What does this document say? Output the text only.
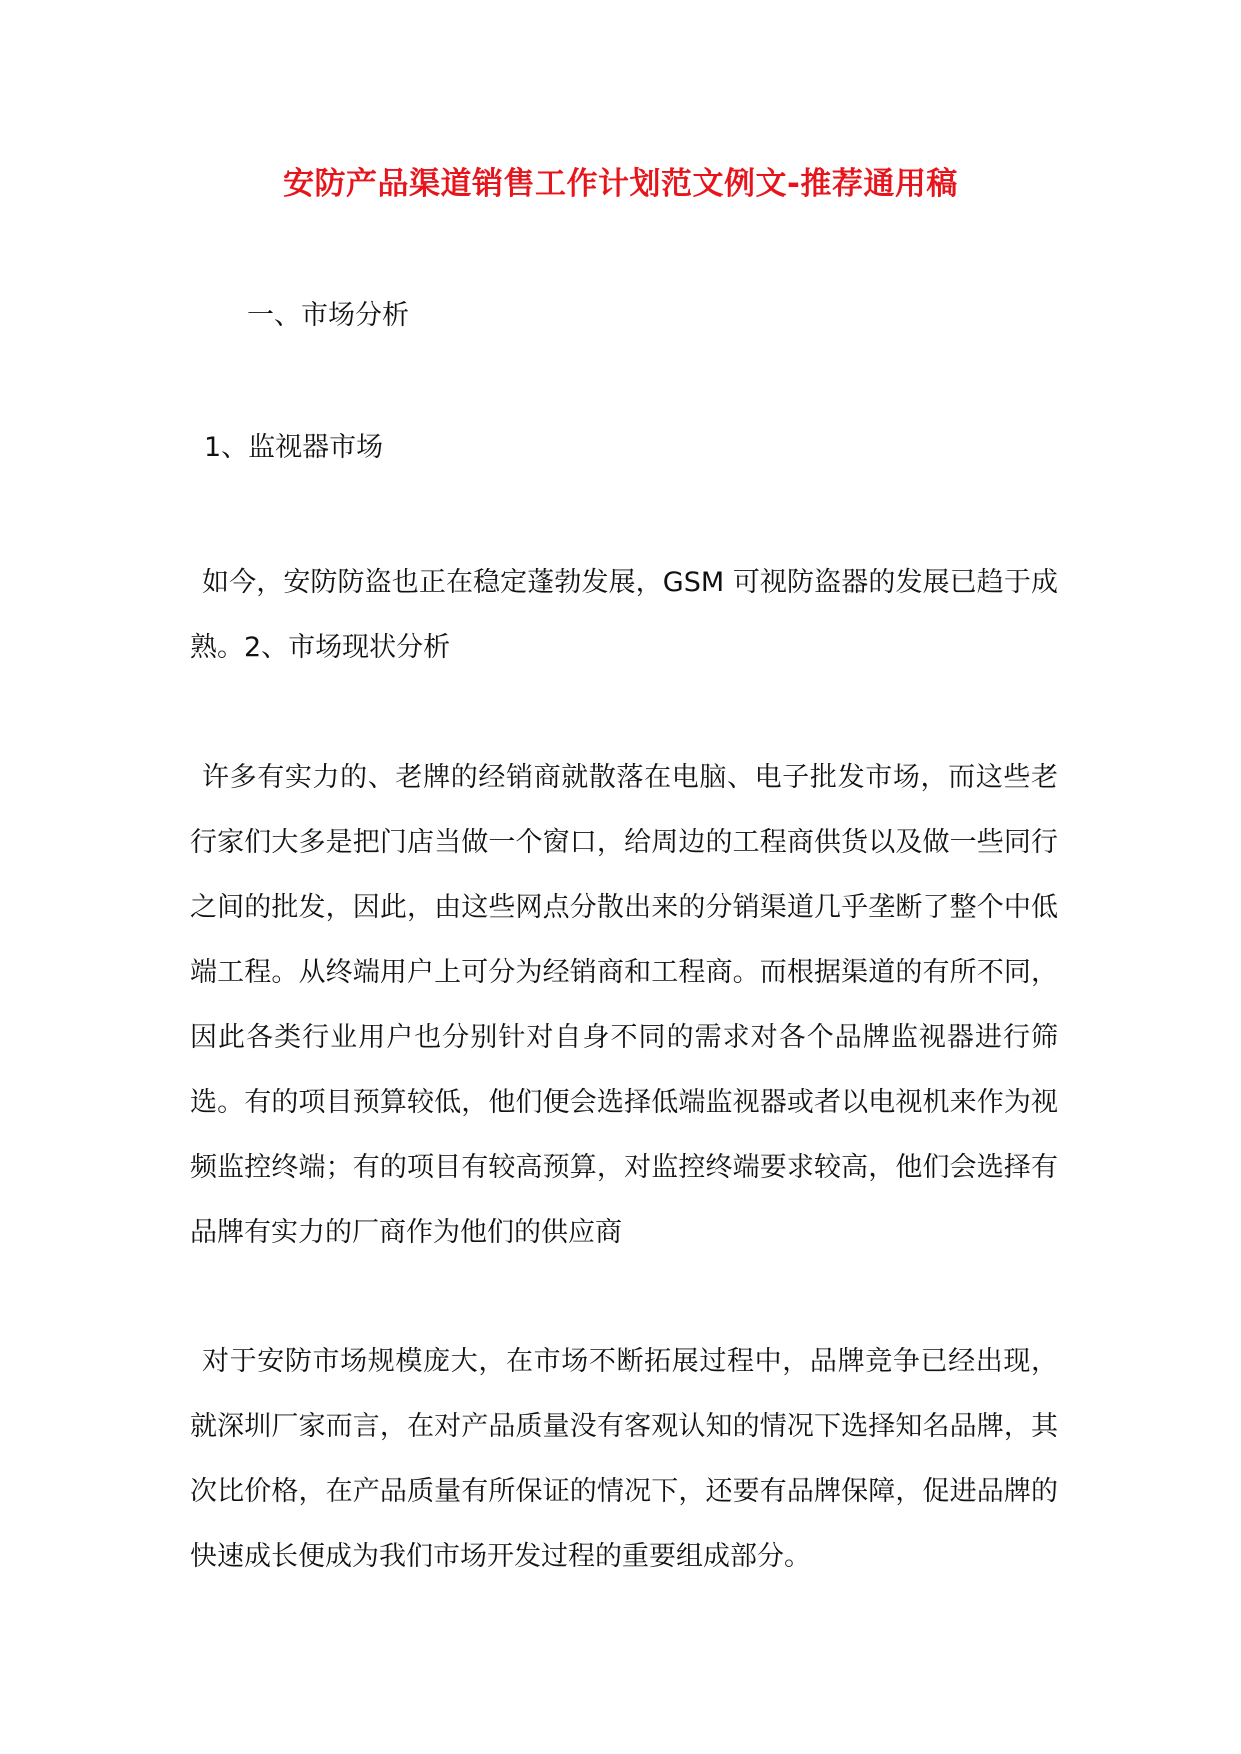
安防产品渠道销售工作计划范文例文-推荐通用稿
一、市场分析
1、监视器市场

如今，安防防盗也正在稳定蓬勃发展，GSM 可视防盗器的发展已趋于成熟。2、市场现状分析

许多有实力的、老牌的经销商就散落在电脑、电子批发市场，而这些老行家们大多是把门店当做一个窗口，给周边的工程商供货以及做一些同行之间的批发，因此，由这些网点分散出来的分销渠道几乎垄断了整个中低端工程。从终端用户上可分为经销商和工程商。而根据渠道的有所不同，因此各类行业用户也分别针对自身不同的需求对各个品牌监视器进行筛选。有的项目预算较低，他们便会选择低端监视器或者以电视机来作为视频监控终端；有的项目有较高预算，对监控终端要求较高，他们会选择有品牌有实力的厂商作为他们的供应商

对于安防市场规模庞大，在市场不断拓展过程中，品牌竞争已经出现，就深圳厂家而言，在对产品质量没有客观认知的情况下选择知名品牌，其次比价格，在产品质量有所保证的情况下，还要有品牌保障，促进品牌的快速成长便成为我们市场开发过程的重要组成部分。
